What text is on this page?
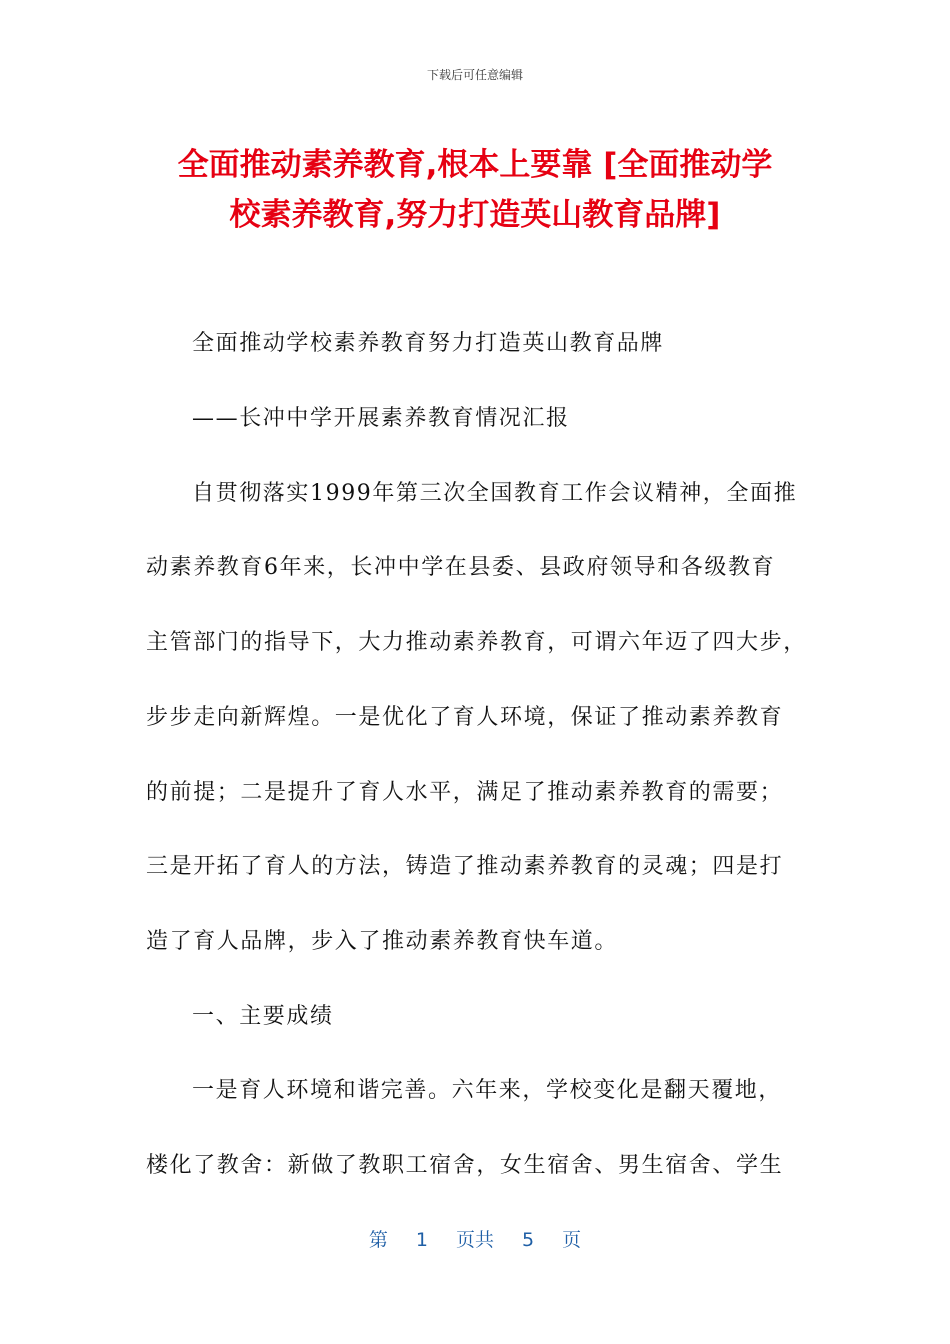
下载后可任意编辑
全面推动素养教育,根本上要靠 [全面推动学
校素养教育,努力打造英山教育品牌]
全面推动学校素养教育努力打造英山教育品牌
——长冲中学开展素养教育情况汇报
自贯彻落实1999年第三次全国教育工作会议精神，全面推
动素养教育6年来，长冲中学在县委、县政府领导和各级教育
主管部门的指导下，大力推动素养教育，可谓六年迈了四大步，
步步走向新辉煌。一是优化了育人环境，保证了推动素养教育
的前提；二是提升了育人水平，满足了推动素养教育的需要；
三是开拓了育人的方法，铸造了推动素养教育的灵魂；四是打
造了育人品牌，步入了推动素养教育快车道。
一、主要成绩
一是育人环境和谐完善。六年来，学校变化是翻天覆地，
楼化了教舍：新做了教职工宿舍，女生宿舍、男生宿舍、学生
第 1 页共 5 页
